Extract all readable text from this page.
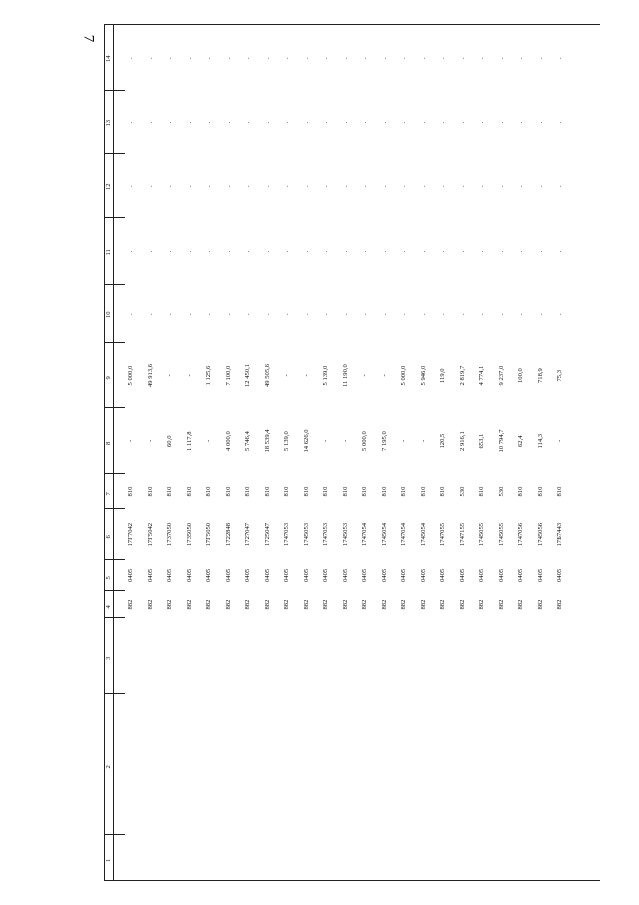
7
1
2
3
4
5
6
7
8
9
10
11
12
13
14
882
0405
17Г7042
810
-
5 000,0
.
.
.
.
.
882
0405
17Г5042
810
-
49 913,6
.
.
.
.
.
882
0405
1737050
810
60,0
-
.
.
.
.
.
882
0405
1735050
810
1 117,8
-
.
.
.
.
.
882
0405
17Г5050
810
-
1 125,6
.
.
.
.
.
882
0405
1722848
810
4 000,0
7 100,0
.
.
.
.
.
882
0405
1727047
810
5 746,4
12 450,1
.
.
.
.
.
882
0405
1725047
810
18 539,4
49 505,6
.
.
.
.
.
882
0405
1747053
810
5 139,0
-
.
.
.
.
.
882
0405
1745053
810
14 626,0
-
.
.
.
.
.
882
0405
1747053
810
-
5 139,0
.
.
.
.
.
882
0405
1745053
810
-
11 190,0
.
.
.
.
.
882
0405
1747054
810
5 000,0
-
.
.
.
.
.
882
0405
1745054
810
7 195,0
-
.
.
.
.
.
882
0405
1747054
810
-
5 000,0
.
.
.
.
.
882
0405
1745054
810
-
5 946,0
.
.
.
.
.
882
0405
1747055
810
120,5
119,0
.
.
.
.
.
882
0405
1747155
530
2 916,1
2 819,7
.
.
.
.
.
882
0405
1745055
810
653,1
4 774,1
.
.
.
.
.
882
0405
1745055
530
10 794,7
9 237,0
.
.
.
.
.
882
0405
1747056
810
62,4
100,0
.
.
.
.
.
882
0405
1745056
810
114,3
718,9
.
.
.
.
.
882
0405
17Б7443
810
-
75,3
.
.
.
.
.
